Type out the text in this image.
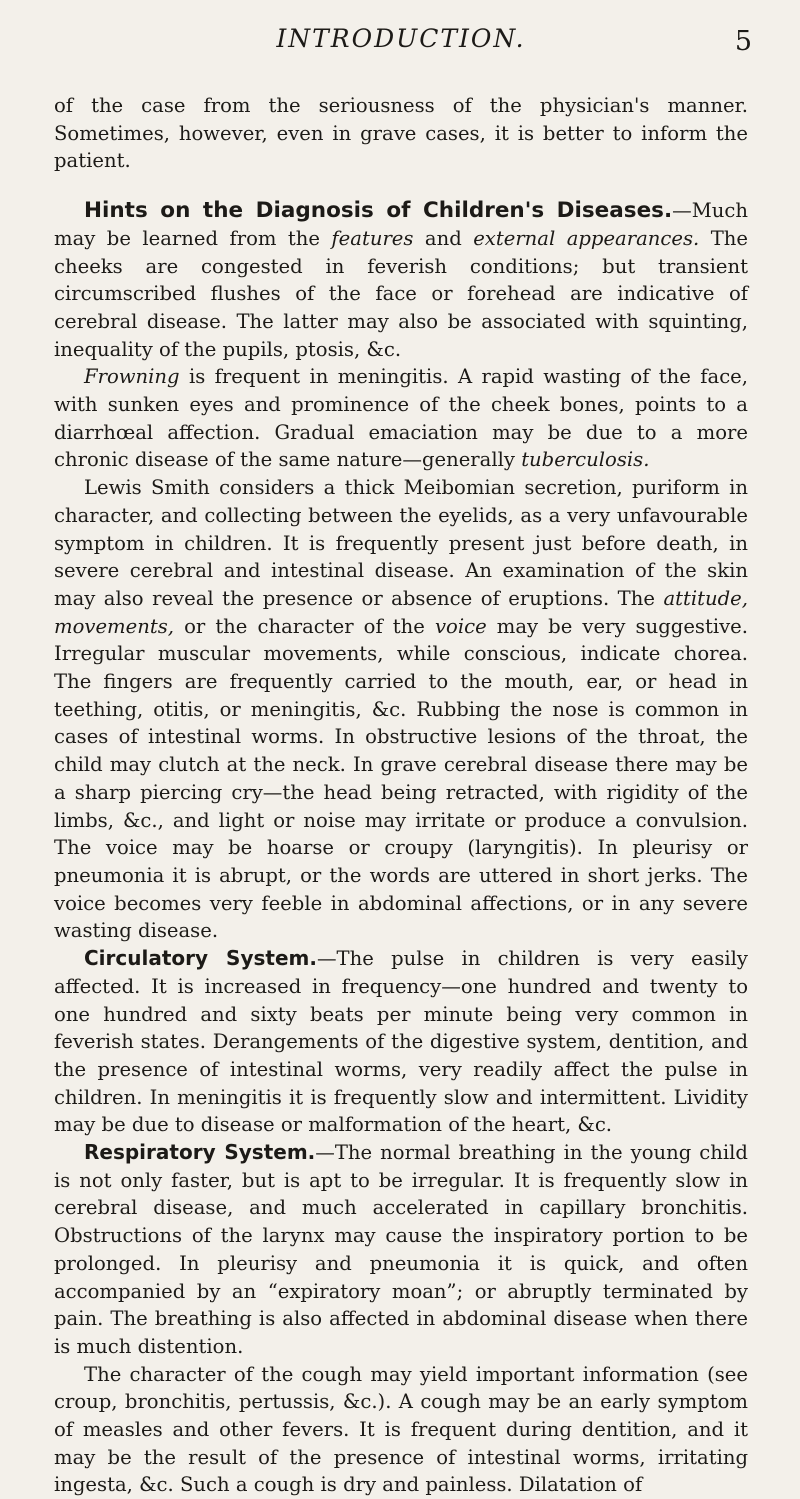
INTRODUCTION.	5

of the case from the seriousness of the physician's manner. Sometimes, however, even in grave cases, it is better to inform the patient.

Hints on the Diagnosis of Children's Diseases.—Much may be learned from the features and external appearances. The cheeks are congested in feverish conditions; but transient circumscribed flushes of the face or forehead are indicative of cerebral disease. The latter may also be associated with squinting, inequality of the pupils, ptosis, &c.

Frowning is frequent in meningitis. A rapid wasting of the face, with sunken eyes and prominence of the cheek bones, points to a diarrhœal affection. Gradual emaciation may be due to a more chronic disease of the same nature—generally tuberculosis.

Lewis Smith considers a thick Meibomian secretion, puriform in character, and collecting between the eyelids, as a very unfavourable symptom in children. It is frequently present just before death, in severe cerebral and intestinal disease. An examination of the skin may also reveal the presence or absence of eruptions. The attitude, movements, or the character of the voice may be very suggestive. Irregular muscular movements, while conscious, indicate chorea. The fingers are frequently carried to the mouth, ear, or head in teething, otitis, or meningitis, &c. Rubbing the nose is common in cases of intestinal worms. In obstructive lesions of the throat, the child may clutch at the neck. In grave cerebral disease there may be a sharp piercing cry—the head being retracted, with rigidity of the limbs, &c., and light or noise may irritate or produce a convulsion. The voice may be hoarse or croupy (laryngitis). In pleurisy or pneumonia it is abrupt, or the words are uttered in short jerks. The voice becomes very feeble in abdominal affections, or in any severe wasting disease.

Circulatory System.—The pulse in children is very easily affected. It is increased in frequency—one hundred and twenty to one hundred and sixty beats per minute being very common in feverish states. Derangements of the digestive system, dentition, and the presence of intestinal worms, very readily affect the pulse in children. In meningitis it is frequently slow and intermittent. Lividity may be due to disease or malformation of the heart, &c.

Respiratory System.—The normal breathing in the young child is not only faster, but is apt to be irregular. It is frequently slow in cerebral disease, and much accelerated in capillary bronchitis. Obstructions of the larynx may cause the inspiratory portion to be prolonged. In pleurisy and pneumonia it is quick, and often accompanied by an “expiratory moan”; or abruptly terminated by pain. The breathing is also affected in abdominal disease when there is much distention.

The character of the cough may yield important information (see croup, bronchitis, pertussis, &c.). A cough may be an early symptom of measles and other fevers. It is frequent during dentition, and it may be the result of the presence of intestinal worms, irritating ingesta, &c. Such a cough is dry and painless. Dilatation of
